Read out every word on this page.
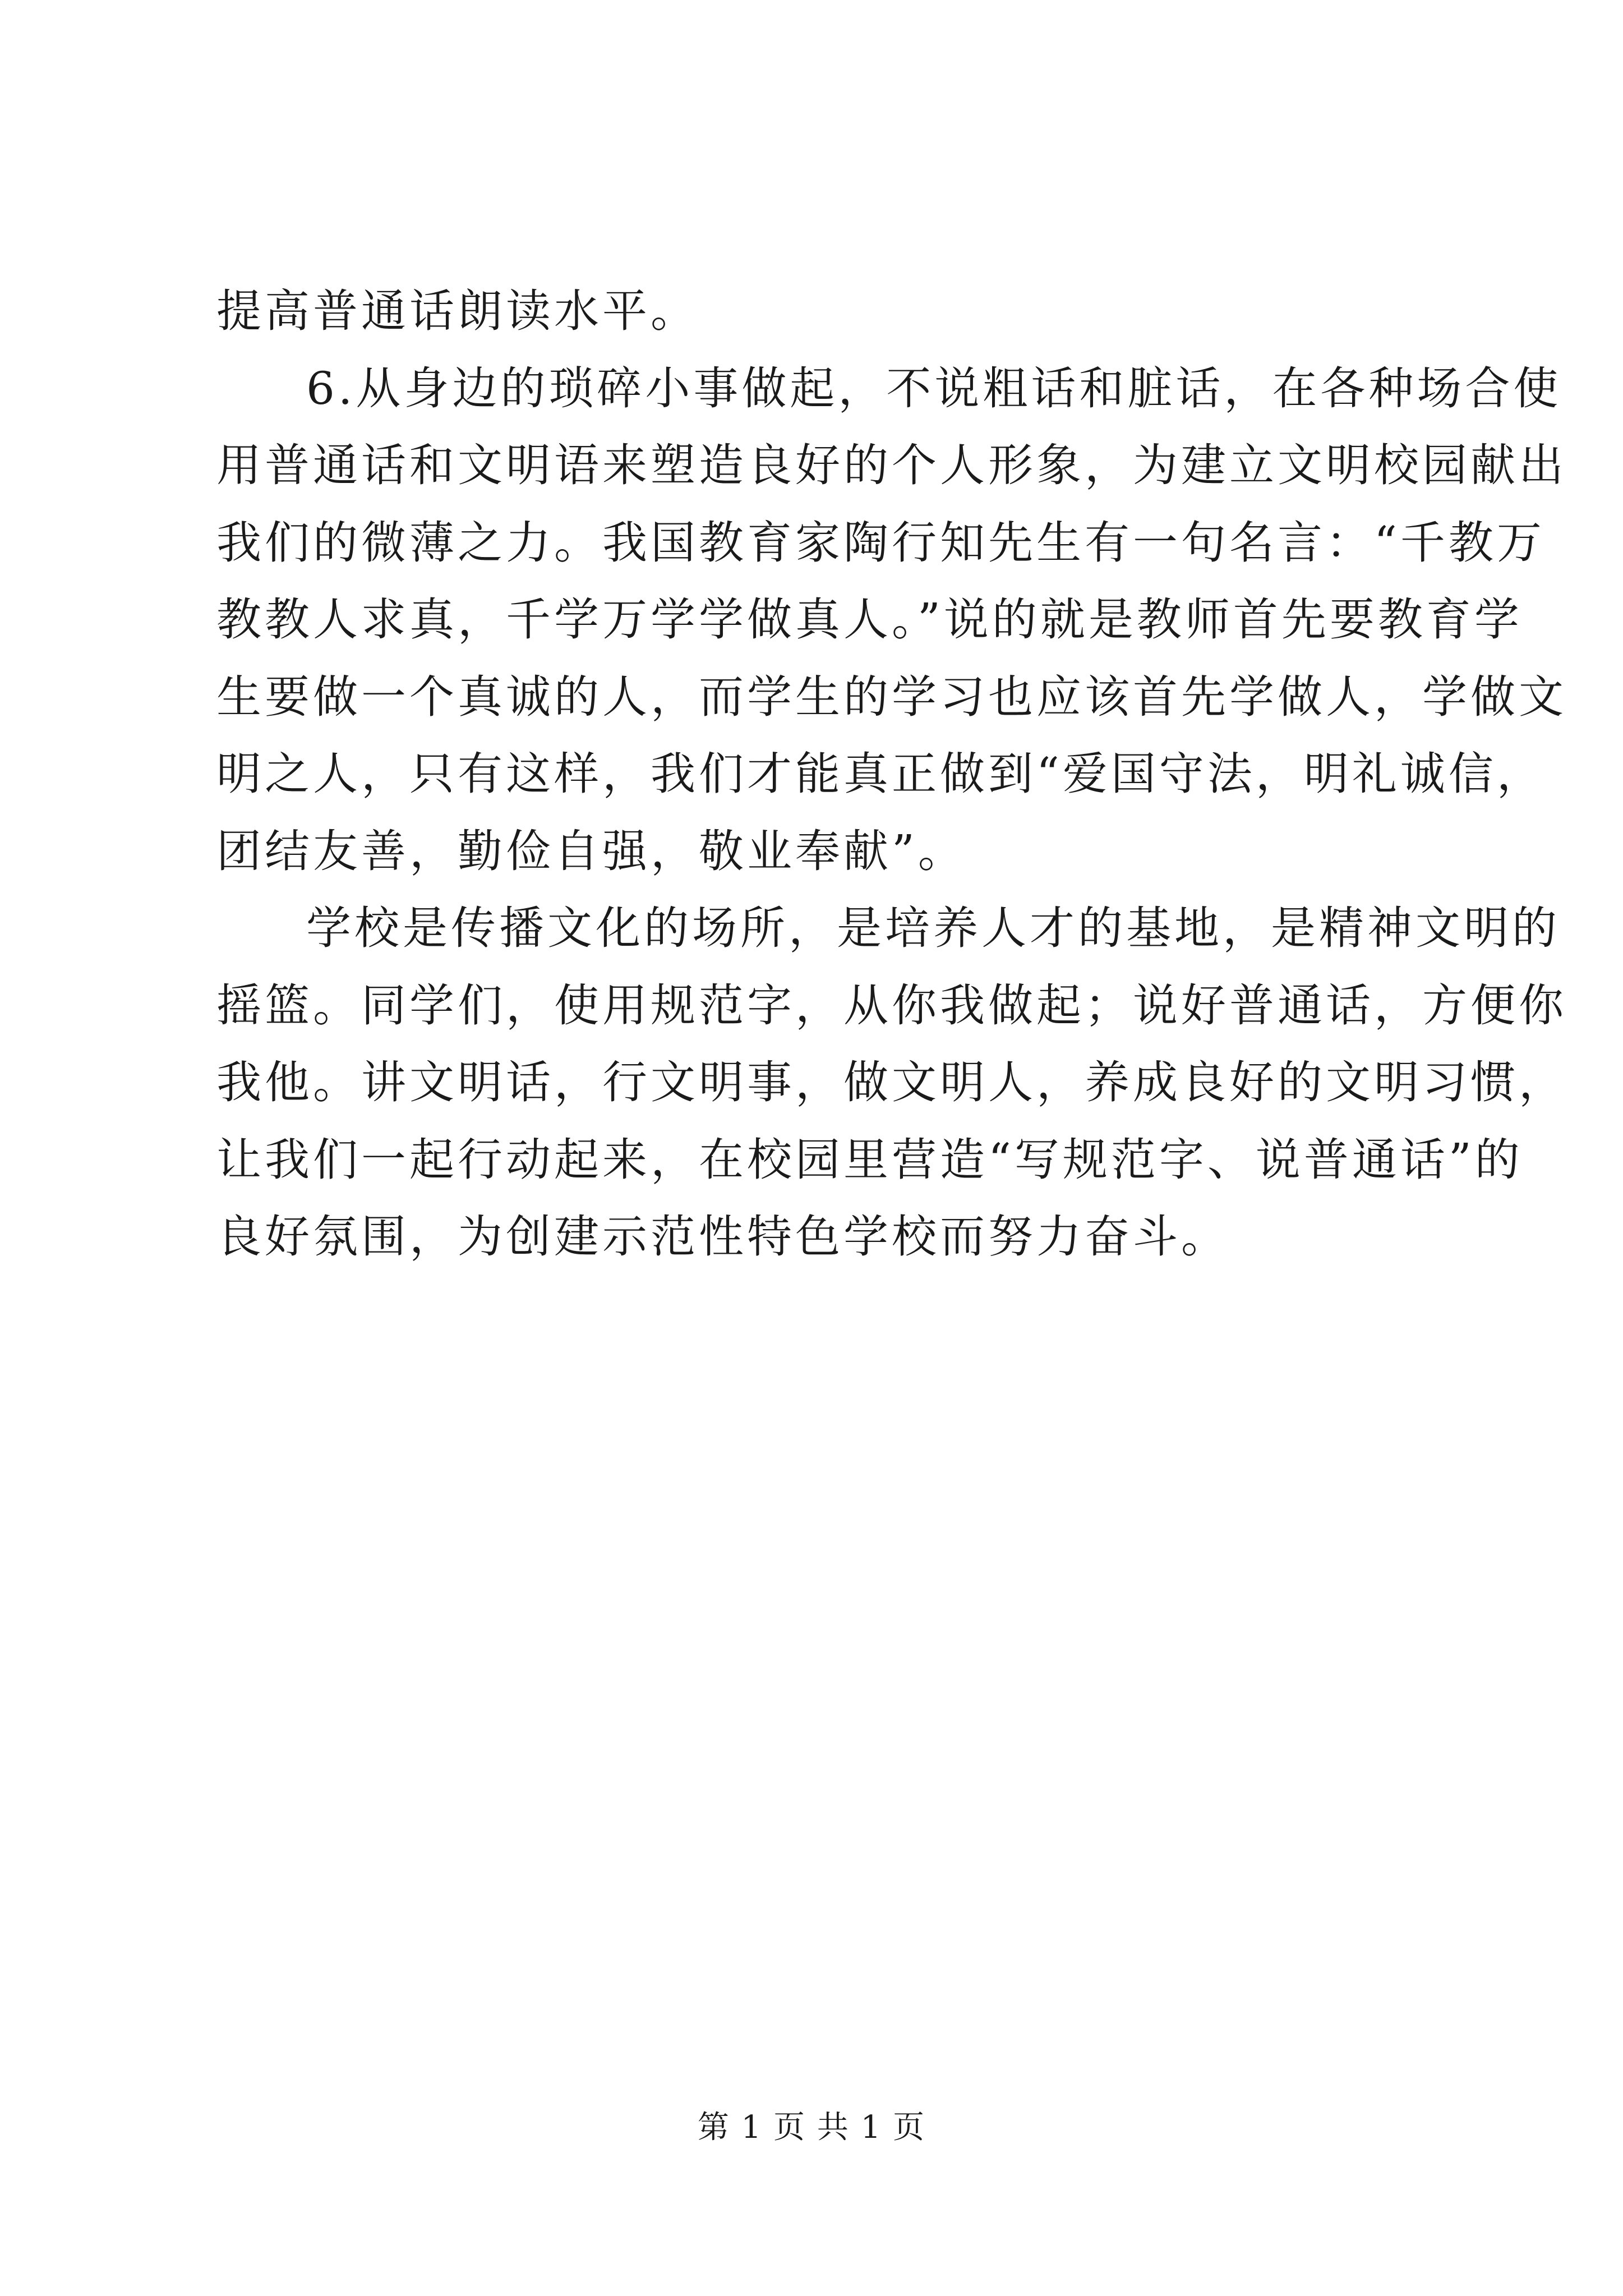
提高普通话朗读水平。
6.从身边的琐碎小事做起，不说粗话和脏话，在各种场合使
用普通话和文明语来塑造良好的个人形象，为建立文明校园献出
我们的微薄之力。我国教育家陶行知先生有一句名言：“千教万
教教人求真，千学万学学做真人。”说的就是教师首先要教育学
生要做一个真诚的人，而学生的学习也应该首先学做人，学做文
明之人，只有这样，我们才能真正做到“爱国守法，明礼诚信，
团结友善，勤俭自强，敬业奉献”。
学校是传播文化的场所，是培养人才的基地，是精神文明的
摇篮。同学们，使用规范字，从你我做起；说好普通话，方便你
我他。讲文明话，行文明事，做文明人，养成良好的文明习惯，
让我们一起行动起来，在校园里营造“写规范字、说普通话”的
良好氛围，为创建示范性特色学校而努力奋斗。
第 1 页 共 1 页
